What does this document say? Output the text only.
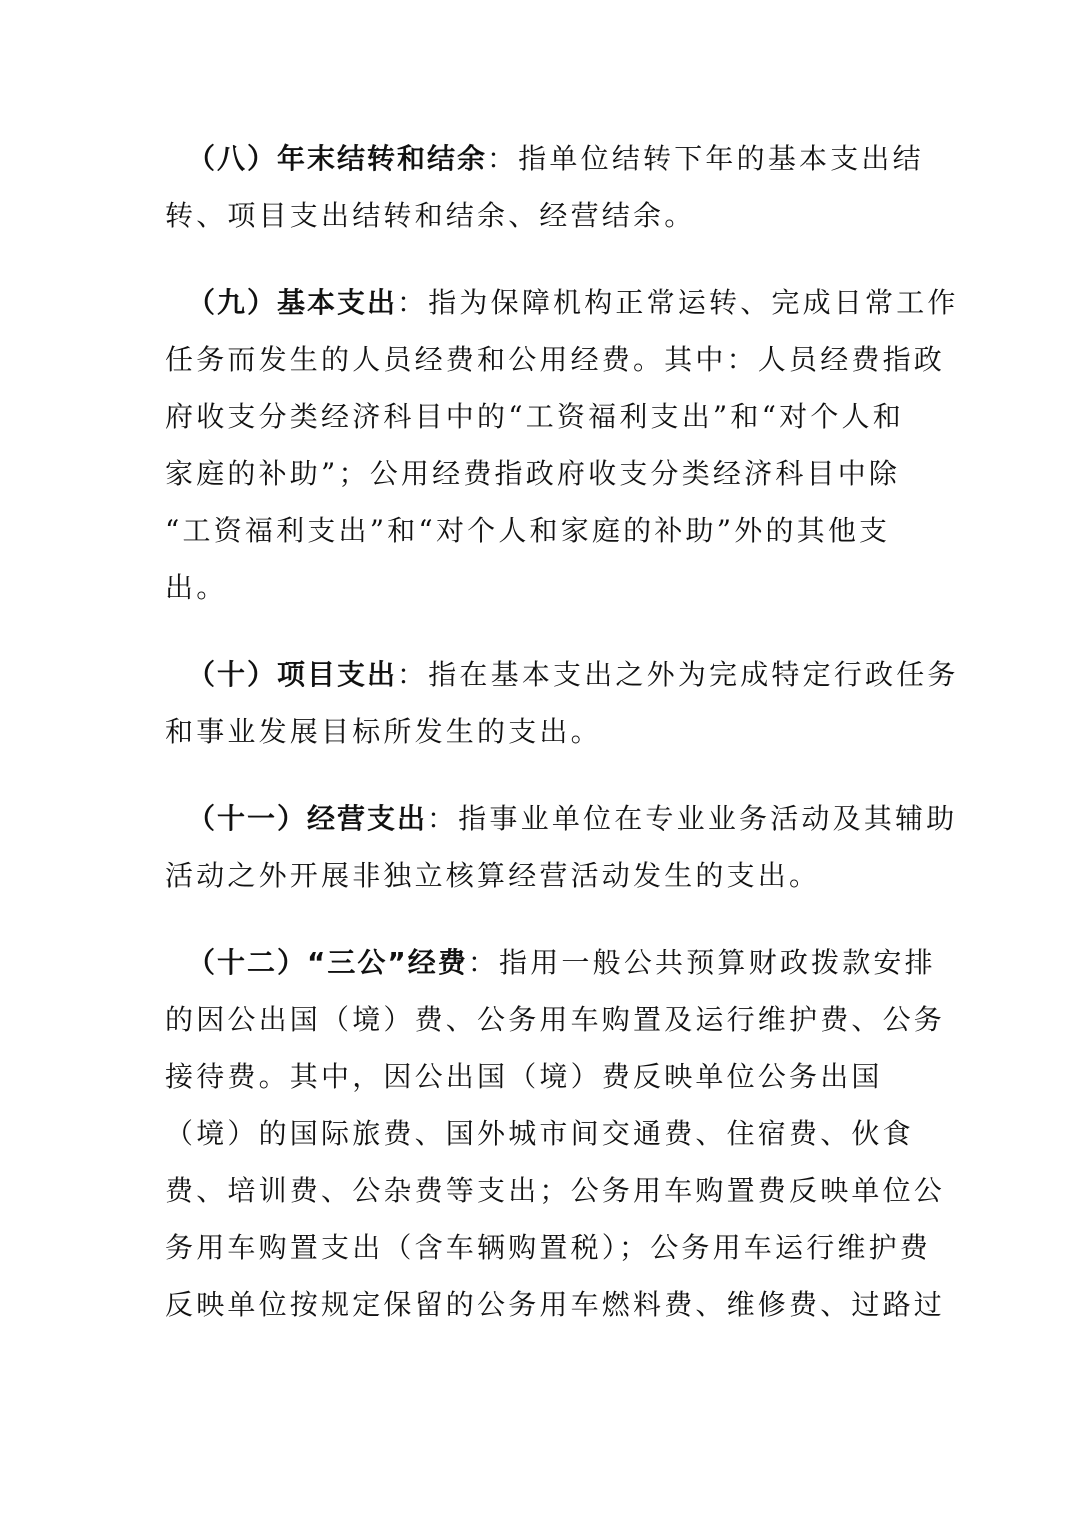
（八）年末结转和结余：指单位结转下年的基本支出结
转、项目支出结转和结余、经营结余。
（九）基本支出：指为保障机构正常运转、完成日常工作
任务而发生的人员经费和公用经费。其中：人员经费指政
府收支分类经济科目中的“工资福利支出”和“对个人和
家庭的补助”；公用经费指政府收支分类经济科目中除
“工资福利支出”和“对个人和家庭的补助”外的其他支
出。
（十）项目支出：指在基本支出之外为完成特定行政任务
和事业发展目标所发生的支出。
（十一）经营支出：指事业单位在专业业务活动及其辅助
活动之外开展非独立核算经营活动发生的支出。
（十二）“三公”经费：指用一般公共预算财政拨款安排
的因公出国（境）费、公务用车购置及运行维护费、公务
接待费。其中，因公出国（境）费反映单位公务出国
（境）的国际旅费、国外城市间交通费、住宿费、伙食
费、培训费、公杂费等支出；公务用车购置费反映单位公
务用车购置支出（含车辆购置税）；公务用车运行维护费
反映单位按规定保留的公务用车燃料费、维修费、过路过
